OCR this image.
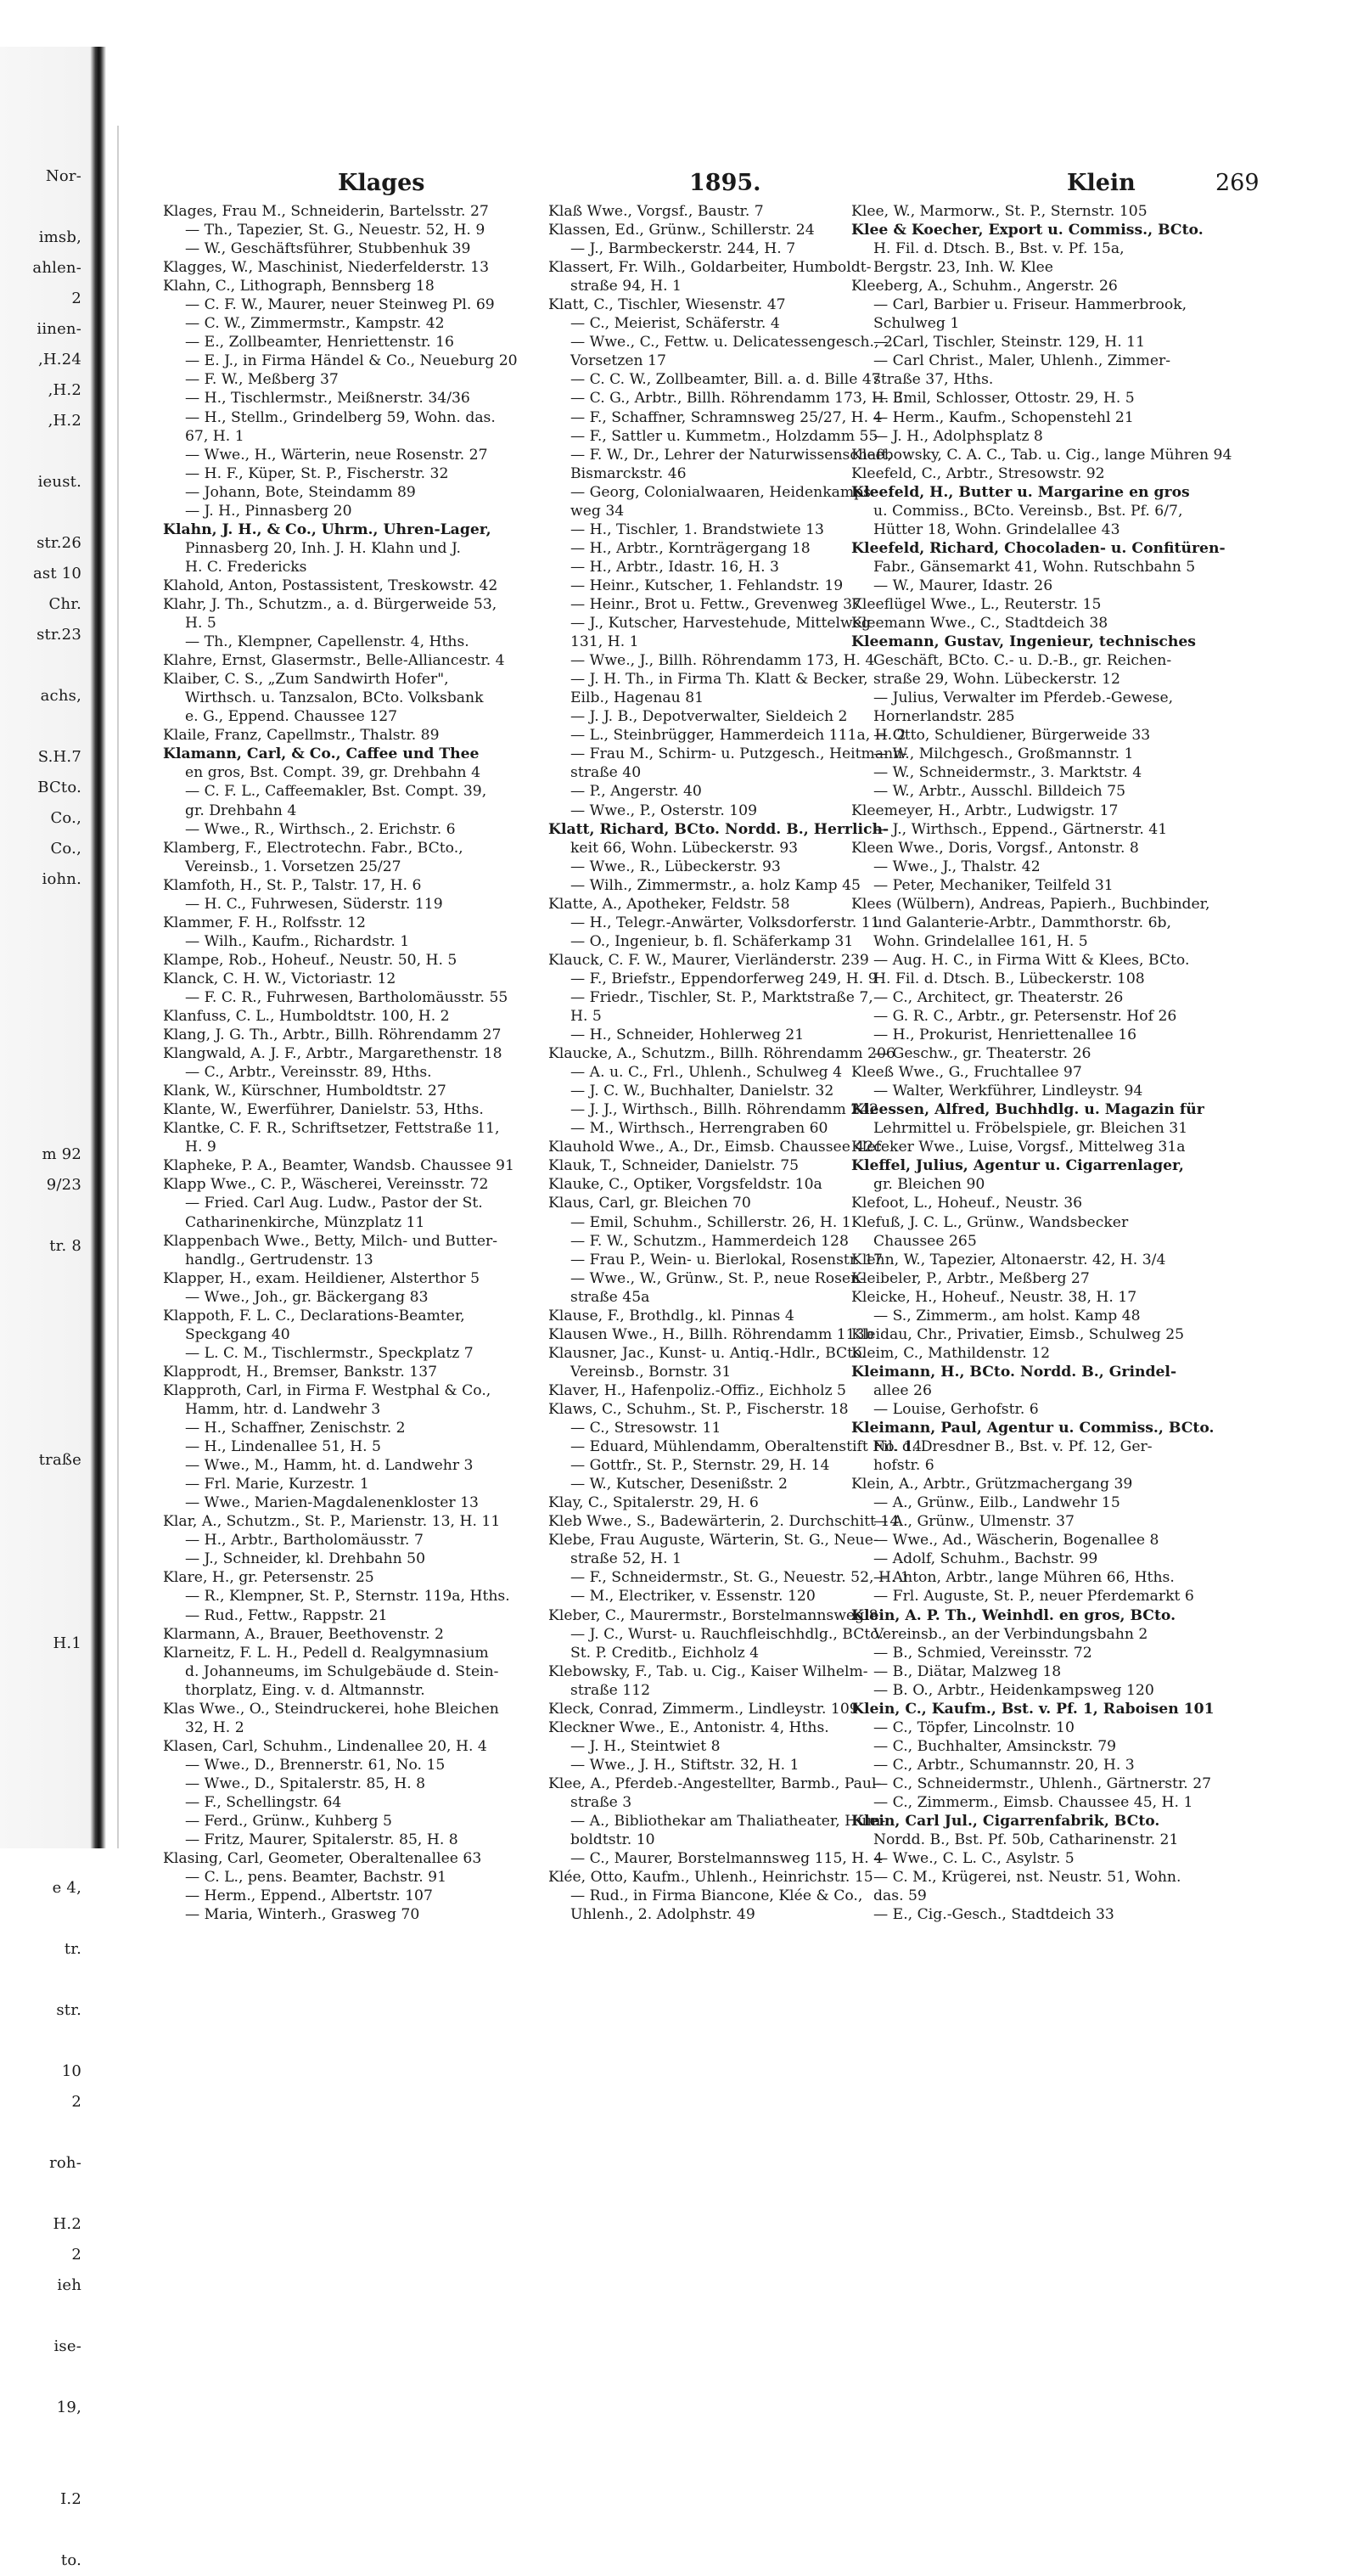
Nor-
imsb,
ahlen-
2
iinen-
,H.24
,H.2
,H.2
ieust.
str.26
ast 10
Chr.
str.23
achs,
S.H.7
BCto.
Co.,
Co.,
iohn.
m 92
9/23
tr. 8
traße
H.1
e 4,
tr.
str.
10
2
roh-
H.2
2
ieh
ise-
19,
I.2
to.
Klages	1895.	Klein	269
Klages, Frau M., Schneiderin, Bartelsstr. 27
— Th., Tapezier, St. G., Neuestr. 52, H. 9
— W., Geschäftsführer, Stubbenhuk 39
Klagges, W., Maschinist, Niederfelderstr. 13
Klahn, C., Lithograph, Bennsberg 18
— C. F. W., Maurer, neuer Steinweg Pl. 69
— C. W., Zimmermstr., Kampstr. 42
— E., Zollbeamter, Henriettenstr. 16
— E. J., in Firma Händel & Co., Neueburg 20
— F. W., Meßberg 37
— H., Tischlermstr., Meißnerstr. 34/36
— H., Stellm., Grindelberg 59, Wohn. das.
67, H. 1
— Wwe., H., Wärterin, neue Rosenstr. 27
— H. F., Küper, St. P., Fischerstr. 32
— Johann, Bote, Steindamm 89
— J. H., Pinnasberg 20
Klahn, J. H., & Co., Uhrm., Uhren-Lager,
Pinnasberg 20, Inh. J. H. Klahn und J.
H. C. Fredericks
Klahold, Anton, Postassistent, Treskowstr. 42
Klahr, J. Th., Schutzm., a. d. Bürgerweide 53,
H. 5
— Th., Klempner, Capellenstr. 4, Hths.
Klahre, Ernst, Glasermstr., Belle-Alliancestr. 4
Klaiber, C. S., „Zum Sandwirth Hofer",
Wirthsch. u. Tanzsalon, BCto. Volksbank
e. G., Eppend. Chaussee 127
Klaile, Franz, Capellmstr., Thalstr. 89
Klamann, Carl, & Co., Caffee und Thee
en gros, Bst. Compt. 39, gr. Drehbahn 4
— C. F. L., Caffeemakler, Bst. Compt. 39,
gr. Drehbahn 4
— Wwe., R., Wirthsch., 2. Erichstr. 6
Klamberg, F., Electrotechn. Fabr., BCto.,
Vereinsb., 1. Vorsetzen 25/27
Klamfoth, H., St. P., Talstr. 17, H. 6
— H. C., Fuhrwesen, Süderstr. 119
Klammer, F. H., Rolfsstr. 12
— Wilh., Kaufm., Richardstr. 1
Klampe, Rob., Hoheuf., Neustr. 50, H. 5
Klanck, C. H. W., Victoriastr. 12
— F. C. R., Fuhrwesen, Bartholomäusstr. 55
Klanfuss, C. L., Humboldtstr. 100, H. 2
Klang, J. G. Th., Arbtr., Billh. Röhrendamm 27
Klangwald, A. J. F., Arbtr., Margarethenstr. 18
— C., Arbtr., Vereinsstr. 89, Hths.
Klank, W., Kürschner, Humboldtstr. 27
Klante, W., Ewerführer, Danielstr. 53, Hths.
Klantke, C. F. R., Schriftsetzer, Fettstraße 11,
H. 9
Klapheke, P. A., Beamter, Wandsb. Chaussee 91
Klapp Wwe., C. P., Wäscherei, Vereinsstr. 72
— Fried. Carl Aug. Ludw., Pastor der St.
Catharinenkirche, Münzplatz 11
Klappenbach Wwe., Betty, Milch- und Butter-
handlg., Gertrudenstr. 13
Klapper, H., exam. Heildiener, Alsterthor 5
— Wwe., Joh., gr. Bäckergang 83
Klappoth, F. L. C., Declarations-Beamter,
Speckgang 40
— L. C. M., Tischlermstr., Speckplatz 7
Klapprodt, H., Bremser, Bankstr. 137
Klapproth, Carl, in Firma F. Westphal & Co.,
Hamm, htr. d. Landwehr 3
— H., Schaffner, Zenischstr. 2
— H., Lindenallee 51, H. 5
— Wwe., M., Hamm, ht. d. Landwehr 3
— Frl. Marie, Kurzestr. 1
— Wwe., Marien-Magdalenenkloster 13
Klar, A., Schutzm., St. P., Marienstr. 13, H. 11
— H., Arbtr., Bartholomäusstr. 7
— J., Schneider, kl. Drehbahn 50
Klare, H., gr. Petersenstr. 25
— R., Klempner, St. P., Sternstr. 119a, Hths.
— Rud., Fettw., Rappstr. 21
Klarmann, A., Brauer, Beethovenstr. 2
Klarneitz, F. L. H., Pedell d. Realgymnasium
d. Johanneums, im Schulgebäude d. Stein-
thorplatz, Eing. v. d. Altmannstr.
Klas Wwe., O., Steindruckerei, hohe Bleichen
32, H. 2
Klasen, Carl, Schuhm., Lindenallee 20, H. 4
— Wwe., D., Brennerstr. 61, No. 15
— Wwe., D., Spitalerstr. 85, H. 8
— F., Schellingstr. 64
— Ferd., Grünw., Kuhberg 5
— Fritz, Maurer, Spitalerstr. 85, H. 8
Klasing, Carl, Geometer, Oberaltenallee 63
— C. L., pens. Beamter, Bachstr. 91
— Herm., Eppend., Albertstr. 107
— Maria, Winterh., Grasweg 70
Klaß Wwe., Vorgsf., Baustr. 7
Klassen, Ed., Grünw., Schillerstr. 24
— J., Barmbeckerstr. 244, H. 7
Klassert, Fr. Wilh., Goldarbeiter, Humboldt-
straße 94, H. 1
Klatt, C., Tischler, Wiesenstr. 47
— C., Meierist, Schäferstr. 4
— Wwe., C., Fettw. u. Delicatessengesch., 2.
Vorsetzen 17
— C. C. W., Zollbeamter, Bill. a. d. Bille 47
— C. G., Arbtr., Billh. Röhrendamm 173, H. 3
— F., Schaffner, Schramnsweg 25/27, H. 4
— F., Sattler u. Kummetm., Holzdamm 55
— F. W., Dr., Lehrer der Naturwissenschaft,
Bismarckstr. 46
— Georg, Colonialwaaren, Heidenkamps-
weg 34
— H., Tischler, 1. Brandstwiete 13
— H., Arbtr., Kornträgergang 18
— H., Arbtr., Idastr. 16, H. 3
— Heinr., Kutscher, 1. Fehlandstr. 19
— Heinr., Brot u. Fettw., Grevenweg 37
— J., Kutscher, Harvestehude, Mittelweg
131, H. 1
— Wwe., J., Billh. Röhrendamm 173, H. 4
— J. H. Th., in Firma Th. Klatt & Becker,
Eilb., Hagenau 81
— J. J. B., Depotverwalter, Sieldeich 2
— L., Steinbrügger, Hammerdeich 111a, H. 2
— Frau M., Schirm- u. Putzgesch., Heitmann-
straße 40
— P., Angerstr. 40
— Wwe., P., Osterstr. 109
Klatt, Richard, BCto. Nordd. B., Herrlich-
keit 66, Wohn. Lübeckerstr. 93
— Wwe., R., Lübeckerstr. 93
— Wilh., Zimmermstr., a. holz Kamp 45
Klatte, A., Apotheker, Feldstr. 58
— H., Telegr.-Anwärter, Volksdorferstr. 11
— O., Ingenieur, b. fl. Schäferkamp 31
Klauck, C. F. W., Maurer, Vierländerstr. 239
— F., Briefstr., Eppendorferweg 249, H. 9
— Friedr., Tischler, St. P., Marktstraße 7,
H. 5
— H., Schneider, Hohlerweg 21
Klaucke, A., Schutzm., Billh. Röhrendamm 206
— A. u. C., Frl., Uhlenh., Schulweg 4
— J. C. W., Buchhalter, Danielstr. 32
— J. J., Wirthsch., Billh. Röhrendamm 242
— M., Wirthsch., Herrengraben 60
Klauhold Wwe., A., Dr., Eimsb. Chaussee 42c
Klauk, T., Schneider, Danielstr. 75
Klauke, C., Optiker, Vorgsfeldstr. 10a
Klaus, Carl, gr. Bleichen 70
— Emil, Schuhm., Schillerstr. 26, H. 1
— F. W., Schutzm., Hammerdeich 128
— Frau P., Wein- u. Bierlokal, Rosenstr. 17
— Wwe., W., Grünw., St. P., neue Rosen-
straße 45a
Klause, F., Brothdlg., kl. Pinnas 4
Klausen Wwe., H., Billh. Röhrendamm 113b
Klausner, Jac., Kunst- u. Antiq.-Hdlr., BCto.
Vereinsb., Bornstr. 31
Klaver, H., Hafenpoliz.-Offiz., Eichholz 5
Klaws, C., Schuhm., St. P., Fischerstr. 18
— C., Stresowstr. 11
— Eduard, Mühlendamm, Oberaltenstift No. 14
— Gottfr., St. P., Sternstr. 29, H. 14
— W., Kutscher, Desenißstr. 2
Klay, C., Spitalerstr. 29, H. 6
Kleb Wwe., S., Badewärterin, 2. Durchschitt 14
Klebe, Frau Auguste, Wärterin, St. G., Neue-
straße 52, H. 1
— F., Schneidermstr., St. G., Neuestr. 52, H. 1
— M., Electriker, v. Essenstr. 120
Kleber, C., Maurermstr., Borstelmannsweg 8
— J. C., Wurst- u. Rauchfleischhdlg., BCto.
St. P. Creditb., Eichholz 4
Klebowsky, F., Tab. u. Cig., Kaiser Wilhelm-
straße 112
Kleck, Conrad, Zimmerm., Lindleystr. 109
Kleckner Wwe., E., Antonistr. 4, Hths.
— J. H., Steintwiet 8
— Wwe., J. H., Stiftstr. 32, H. 1
Klee, A., Pferdeb.-Angestellter, Barmb., Paul-
straße 3
— A., Bibliothekar am Thaliatheater, Hum-
boldtstr. 10
— C., Maurer, Borstelmannsweg 115, H. 4
Klée, Otto, Kaufm., Uhlenh., Heinrichstr. 15
— Rud., in Firma Biancone, Klée & Co.,
Uhlenh., 2. Adolphstr. 49
Klee, W., Marmorw., St. P., Sternstr. 105
Klee & Koecher, Export u. Commiss., BCto.
H. Fil. d. Dtsch. B., Bst. v. Pf. 15a,
Bergstr. 23, Inh. W. Klee
Kleeberg, A., Schuhm., Angerstr. 26
— Carl, Barbier u. Friseur. Hammerbrook,
Schulweg 1
— Carl, Tischler, Steinstr. 129, H. 11
— Carl Christ., Maler, Uhlenh., Zimmer-
straße 37, Hths.
— Emil, Schlosser, Ottostr. 29, H. 5
— Herm., Kaufm., Schopenstehl 21
— J. H., Adolphsplatz 8
Kleebowsky, C. A. C., Tab. u. Cig., lange Mühren 94
Kleefeld, C., Arbtr., Stresowstr. 92
Kleefeld, H., Butter u. Margarine en gros
u. Commiss., BCto. Vereinsb., Bst. Pf. 6/7,
Hütter 18, Wohn. Grindelallee 43
Kleefeld, Richard, Chocoladen- u. Confitüren-
Fabr., Gänsemarkt 41, Wohn. Rutschbahn 5
— W., Maurer, Idastr. 26
Kleeflügel Wwe., L., Reuterstr. 15
Kleemann Wwe., C., Stadtdeich 38
Kleemann, Gustav, Ingenieur, technisches
Geschäft, BCto. C.- u. D.-B., gr. Reichen-
straße 29, Wohn. Lübeckerstr. 12
— Julius, Verwalter im Pferdeb.-Gewese,
Hornerlandstr. 285
— Otto, Schuldiener, Bürgerweide 33
— W., Milchgesch., Großmannstr. 1
— W., Schneidermstr., 3. Marktstr. 4
— W., Arbtr., Ausschl. Billdeich 75
Kleemeyer, H., Arbtr., Ludwigstr. 17
— J., Wirthsch., Eppend., Gärtnerstr. 41
Kleen Wwe., Doris, Vorgsf., Antonstr. 8
— Wwe., J., Thalstr. 42
— Peter, Mechaniker, Teilfeld 31
Klees (Wülbern), Andreas, Papierh., Buchbinder,
und Galanterie-Arbtr., Dammthorstr. 6b,
Wohn. Grindelallee 161, H. 5
— Aug. H. C., in Firma Witt & Klees, BCto.
H. Fil. d. Dtsch. B., Lübeckerstr. 108
— C., Architect, gr. Theaterstr. 26
— G. R. C., Arbtr., gr. Petersenstr. Hof 26
— H., Prokurist, Henriettenallee 16
— Geschw., gr. Theaterstr. 26
Kleeß Wwe., G., Fruchtallee 97
— Walter, Werkführer, Lindleystr. 94
Kleessen, Alfred, Buchhdlg. u. Magazin für
Lehrmittel u. Fröbelspiele, gr. Bleichen 31
Klefeker Wwe., Luise, Vorgsf., Mittelweg 31a
Kleffel, Julius, Agentur u. Cigarrenlager,
gr. Bleichen 90
Klefoot, L., Hoheuf., Neustr. 36
Klefuß, J. C. L., Grünw., Wandsbecker
Chaussee 265
Klehn, W., Tapezier, Altonaerstr. 42, H. 3/4
Kleibeler, P., Arbtr., Meßberg 27
Kleicke, H., Hoheuf., Neustr. 38, H. 17
— S., Zimmerm., am holst. Kamp 48
Kleidau, Chr., Privatier, Eimsb., Schulweg 25
Kleim, C., Mathildenstr. 12
Kleimann, H., BCto. Nordd. B., Grindel-
allee 26
— Louise, Gerhofstr. 6
Kleimann, Paul, Agentur u. Commiss., BCto.
Fil. d. Dresdner B., Bst. v. Pf. 12, Ger-
hofstr. 6
Klein, A., Arbtr., Grützmachergang 39
— A., Grünw., Eilb., Landwehr 15
— A., Grünw., Ulmenstr. 37
— Wwe., Ad., Wäscherin, Bogenallee 8
— Adolf, Schuhm., Bachstr. 99
— Anton, Arbtr., lange Mühren 66, Hths.
— Frl. Auguste, St. P., neuer Pferdemarkt 6
Klein, A. P. Th., Weinhdl. en gros, BCto.
Vereinsb., an der Verbindungsbahn 2
— B., Schmied, Vereinsstr. 72
— B., Diätar, Malzweg 18
— B. O., Arbtr., Heidenkampsweg 120
Klein, C., Kaufm., Bst. v. Pf. 1, Raboisen 101
— C., Töpfer, Lincolnstr. 10
— C., Buchhalter, Amsinckstr. 79
— C., Arbtr., Schumannstr. 20, H. 3
— C., Schneidermstr., Uhlenh., Gärtnerstr. 27
— C., Zimmerm., Eimsb. Chaussee 45, H. 1
Klein, Carl Jul., Cigarrenfabrik, BCto.
Nordd. B., Bst. Pf. 50b, Catharinenstr. 21
— Wwe., C. L. C., Asylstr. 5
— C. M., Krügerei, nst. Neustr. 51, Wohn.
das. 59
— E., Cig.-Gesch., Stadtdeich 33
